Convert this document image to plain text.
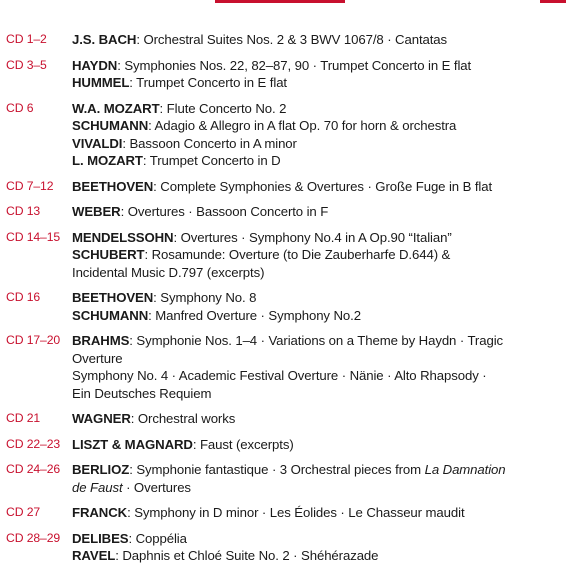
CD 1–2	J.S. BACH: Orchestral Suites Nos. 2 & 3 BWV 1067/8 · Cantatas
CD 3–5	HAYDN: Symphonies Nos. 22, 82–87, 90 · Trumpet Concerto in E flat
HUMMEL: Trumpet Concerto in E flat
CD 6	W.A. MOZART: Flute Concerto No. 2
SCHUMANN: Adagio & Allegro in A flat Op. 70 for horn & orchestra
VIVALDI: Bassoon Concerto in A minor
L. MOZART: Trumpet Concerto in D
CD 7–12	BEETHOVEN: Complete Symphonies & Overtures · Große Fuge in B flat
CD 13	WEBER: Overtures · Bassoon Concerto in F
CD 14–15 MENDELSSOHN: Overtures · Symphony No.4 in A Op.90 “Italian”
SCHUBERT: Rosamunde: Overture (to Die Zauberharfe D.644) &
Incidental Music D.797 (excerpts)
CD 16	BEETHOVEN: Symphony No. 8
SCHUMANN: Manfred Overture · Symphony No.2
CD 17–20 BRAHMS: Symphonie Nos. 1–4 · Variations on a Theme by Haydn · Tragic
Overture
Symphony No. 4 · Academic Festival Overture · Nänie · Alto Rhapsody ·
Ein Deutsches Requiem
CD 21	WAGNER: Orchestral works
CD 22–23 LISZT & MAGNARD: Faust (excerpts)
CD 24–26 BERLIOZ: Symphonie fantastique · 3 Orchestral pieces from La Damnation
de Faust · Overtures
CD 27	FRANCK: Symphony in D minor · Les Éolides · Le Chasseur maudit
CD 28–29 DELIBES: Coppélia
RAVEL: Daphnis et Chloé Suite No. 2 · Shéhérazade
